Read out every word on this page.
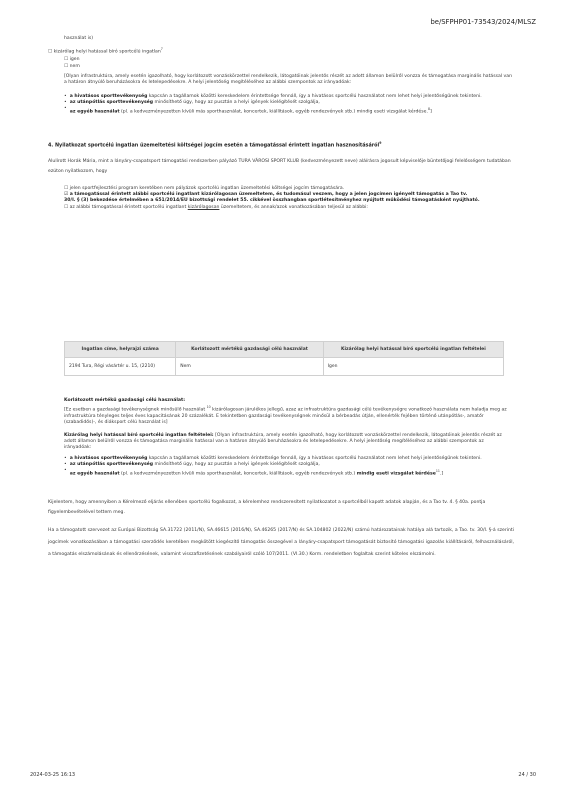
be/SFPHP01-73543/2024/MLSZ
használat is)
☐ kizárólag helyi hatással bíró sportcélú ingatlan$^7$
☐ igen
☐ nem
[Olyan infrastruktúra, amely esetén igazolható, hogy korlátozott vonzáskörzettel rendelkezik, látogatóinak jelentős részét az adott államon belülről vonzza és támogatása marginális hatással van a határon átnyúló beruházásokra és letelepedésekre. A helyi jelentőség megítéléséhez az alábbi szempontok az irányadóak:
• a hivatásos sporttevékenység kapcsán a tagállamok közötti kereskedelem érintettsége fennáll, így a hivatásos sportcélú használatot nem lehet helyi jelentőségűnek tekinteni.
• az utánpótlás sporttevékenység minősíthető úgy, hogy az pusztán a helyi igények kielégítését szolgálja,
•
az egyéb használat (pl. a kedvezményezetten kívüli más sporthasználat, koncertek, kiállítások, egyéb rendezvények stb.) mindig eseti vizsgálat kérdése.$^8$]
4. Nyilatkozat sportcélú ingatlan üzemeltetési költségei jogcím esetén a támogatással érintett ingatlan hasznosításáról$^9$
Alulírott Horák Mária, mint a lányáry-csapatsport támogatási rendszerben pályázó TURA VÁROSI SPORT KLUB (kedvezményezett neve) aláírásra jogosult képviselője büntetőjogi felelősségem tudatában ezúton nyilatkozom, hogy
☐ jelen sportfejlesztési program keretében nem pályázok sportcélú ingatlan üzemeltetési költségei jogcím támogatására.
☑ a támogatással érintett alábbi sportcélú ingatlant kizárólagosan üzemeltetem, és tudomásul veszem, hogy a jelen jogcímen igényelt támogatás a Tao tv.
30/I. § (3) bekezdése értelmében a 651/2014/EU bizottsági rendelet 55. cikkével összhangban sportlétesítményhez nyújtott működési támogatásként nyújtható.
☐ az alábbi támogatással érintett sportcélú ingatlant kizárólagosan üzemeltetem, és annak/azok vonatkozásában teljesül az alábbi:
Ingatlan címe, helyrajzi száma	Korlátozott mértékű gazdasági célú használat	Kizárólag helyi hatással bíró sportcélú ingatlan feltételei
2194 Tura, Régi vásártér u. 15, (2210)	Nem	Igen
Korlátozott mértékű gazdasági célú használat:
[Ez esetben a gazdasági tevékenységnek minősülő használat $^{10}$ kizárólagosan járulékos jellegű, azaz az infrastruktúra gazdasági célú tevékenységre vonatkozó használata nem haladja meg az infrastruktúra tényleges teljes éves kapacitásának 20 százalékát. E tekintetben gazdasági tevékenységnek minősül a bérbeadás útján, ellenérték fejében történő utánpótlás-, amatőr (szabadidős)-, és diáksport célú használat is]
Kizárólag helyi hatással bíró sportcélú ingatlan feltételei: [Olyan infrastruktúra, amely esetén igazolható, hogy korlátozott vonzáskörzettel rendelkezik, látogatóinak jelentős részét az adott államon belülről vonzza és támogatása marginális hatással van a határon átnyúló beruházásokra és letelepedésekre. A helyi jelentőség megítéléséhez az alábbi szempontok az irányadóak:
• a hivatásos sporttevékenység kapcsán a tagállamok közötti kereskedelem érintettsége fennáll, így a hivatásos sportcélú használatot nem lehet helyi jelentőségűnek tekinteni.
• az utánpótlás sporttevékenység minősíthető úgy, hogy az pusztán a helyi igények kielégítését szolgálja,
•
az egyéb használat (pl. a kedvezményezetten kívüli más sporthasználat, koncertek, kiállítások, egyéb rendezvények stb.) mindig eseti vizsgálat kérdése$^{11}$.]
Kijelentem, hogy amennyiben a Kérelmező eljárás ellenében sportcélú fogalkozat, a kérelemhez rendszeresített nyilatkozatot a sportcélból kapott adatok alapján, és a Tao tv. 4. § 40a. pontja figyelembevételével tettem meg.
Ha a támogatott szervezet az Európai Bizottság SA.31722 (2011/N), SA.46615 (2016/N), SA.46265 (2017/N) és SA.104802 (2022/N) számú határozatainak hatálya alá tartozik, a Tao. tv. 30/I. §-á szerinti jogcímek vonatkozásában a támogatási szerződés keretében megkötött kiegészítő támogatás összegével a lányáry-csapatsport támogatását biztosító támogatási igazolás kiállításáról, felhasználásáról, a támogatás elszámolásának és ellenőrzésének, valamint visszafizetésének szabályairól szóló 107/2011. (VI.30.) Korm. rendeletben foglaltak szerint köteles elszámolni.
2024-03-25 16:13	24 / 30
